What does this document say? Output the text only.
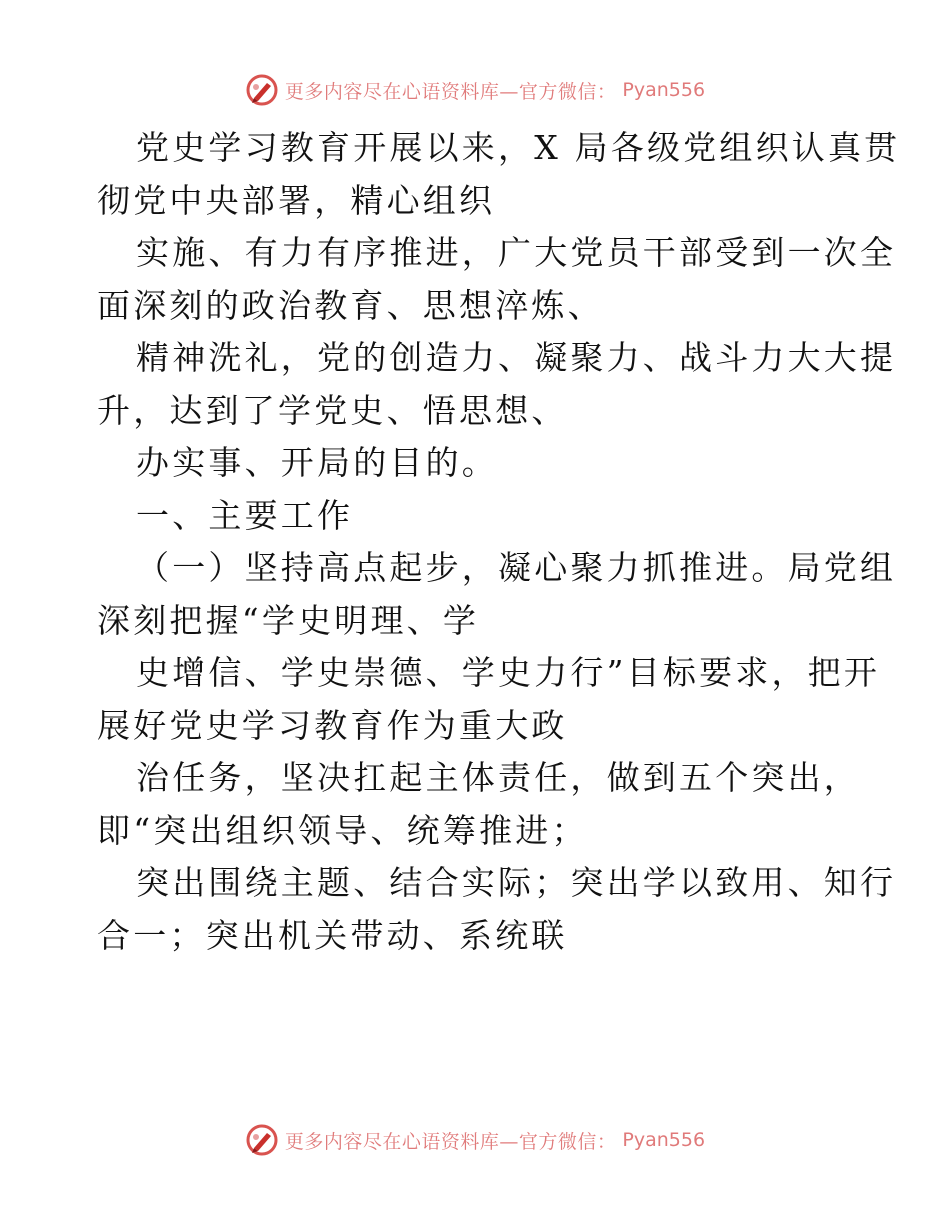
更多内容尽在心语资料库—官方微信： Pyan556
党史学习教育开展以来，X 局各级党组织认真贯
彻党中央部署，精心组织
实施、有力有序推进，广大党员干部受到一次全
面深刻的政治教育、思想淬炼、
精神洗礼，党的创造力、凝聚力、战斗力大大提
升，达到了学党史、悟思想、
办实事、开局的目的。
一、主要工作
（一）坚持高点起步，凝心聚力抓推进。局党组
深刻把握“学史明理、学
史增信、学史崇德、学史力行”目标要求，把开
展好党史学习教育作为重大政
治任务，坚决扛起主体责任，做到五个突出，
即“突出组织领导、统筹推进；
突出围绕主题、结合实际；突出学以致用、知行
合一；突出机关带动、系统联
更多内容尽在心语资料库—官方微信： Pyan556
